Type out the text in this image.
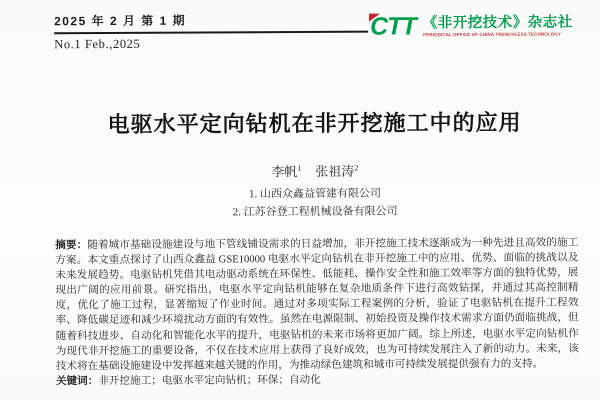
2025 年 2 月 第 1 期
No.1 Feb.,2025
CTT 《非开挖技术》杂志社
PERIODICAL OFFICE OF CHINA TRENCHLESS TECHNOLOGY
电驱水平定向钻机在非开挖施工中的应用
李帆$^1$ 张祖涛$^2$
1. 山西众鑫益管建有限公司
2. 江苏谷登工程机械设备有限公司
摘要：随着城市基础设施建设与地下管线铺设需求的日益增加，非开挖施工技术逐渐成为一种先进且高效的施工方案。本文重点探讨了山西众鑫益 GSE10000 电驱水平定向钻机在非开挖施工中的应用、优势、面临的挑战以及未来发展趋势。电驱钻机凭借其电动驱动系统在环保性、低能耗、操作安全性和施工效率等方面的独特优势，展现出广阔的应用前景。研究指出，电驱水平定向钻机能够在复杂地质条件下进行高效钻探，并通过其高控制精度，优化了施工过程，显著缩短了作业时间。通过对多项实际工程案例的分析，验证了电驱钻机在提升工程效率、降低碳足迹和减少环境扰动方面的有效性。虽然在电源限制、初始投资及操作技术需求方面仍面临挑战，但随着科技进步、自动化和智能化水平的提升，电驱钻机的未来市场将更加广阔。综上所述，电驱水平定向钻机作为现代非开挖施工的重要设备，不仅在技术应用上获得了良好成效，也为可持续发展注入了新的动力。未来，该技术将在基础设施建设中发挥越来越关键的作用，为推动绿色建筑和城市可持续发展提供强有力的支持。
关键词：非开挖施工；电驱水平定向钻机；环保；自动化
